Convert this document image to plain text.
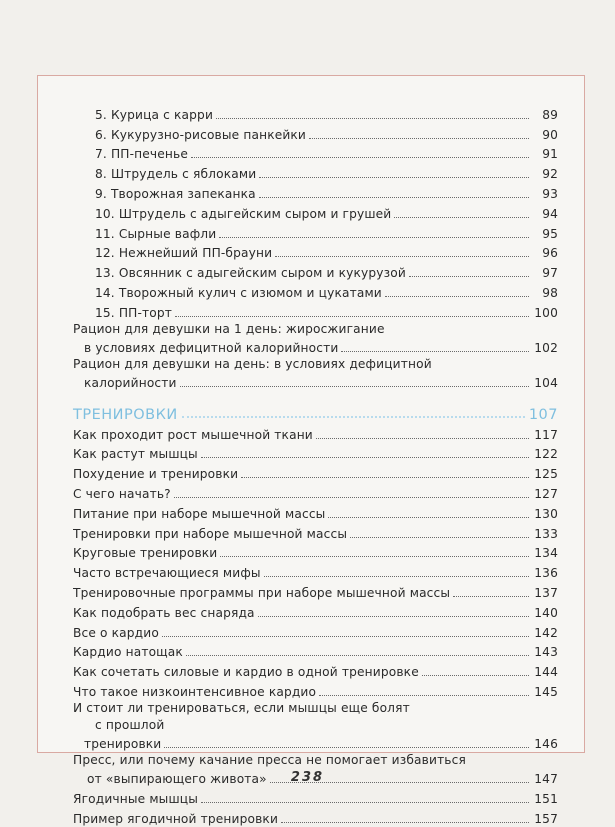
5. Курица с карри	89
6. Кукурузно-рисовые панкейки	90
7. ПП-печенье	91
8. Штрудель с яблоками	92
9. Творожная запеканка	93
10. Штрудель с адыгейским сыром и грушей	94
11. Сырные вафли	95
12. Нежнейший ПП-брауни	96
13. Овсянник с адыгейским сыром и кукурузой	97
14. Творожный кулич с изюмом и цукатами	98
15. ПП-торт	100
Рацион для девушки на 1 день: жиросжигание
в условиях дефицитной калорийности	102
Рацион для девушки на день: в условиях дефицитной
калорийности	104
ТРЕНИРОВКИ	107
Как проходит рост мышечной ткани	117
Как растут мышцы	122
Похудение и тренировки	125
С чего начать?	127
Питание при наборе мышечной массы	130
Тренировки при наборе мышечной массы	133
Круговые тренировки	134
Часто встречающиеся мифы	136
Тренировочные программы при наборе мышечной массы	137
Как подобрать вес снаряда	140
Все о кардио	142
Кардио натощак	143
Как сочетать силовые и кардио в одной тренировке	144
Что такое низкоинтенсивное кардио	145
И стоит ли тренироваться, если мышцы еще болят
с прошлой
тренировки	146
Пресс, или почему качание пресса не помогает избавиться
от «выпирающего живота»	147
Ягодичные мышцы	151
Пример ягодичной тренировки	157
238
